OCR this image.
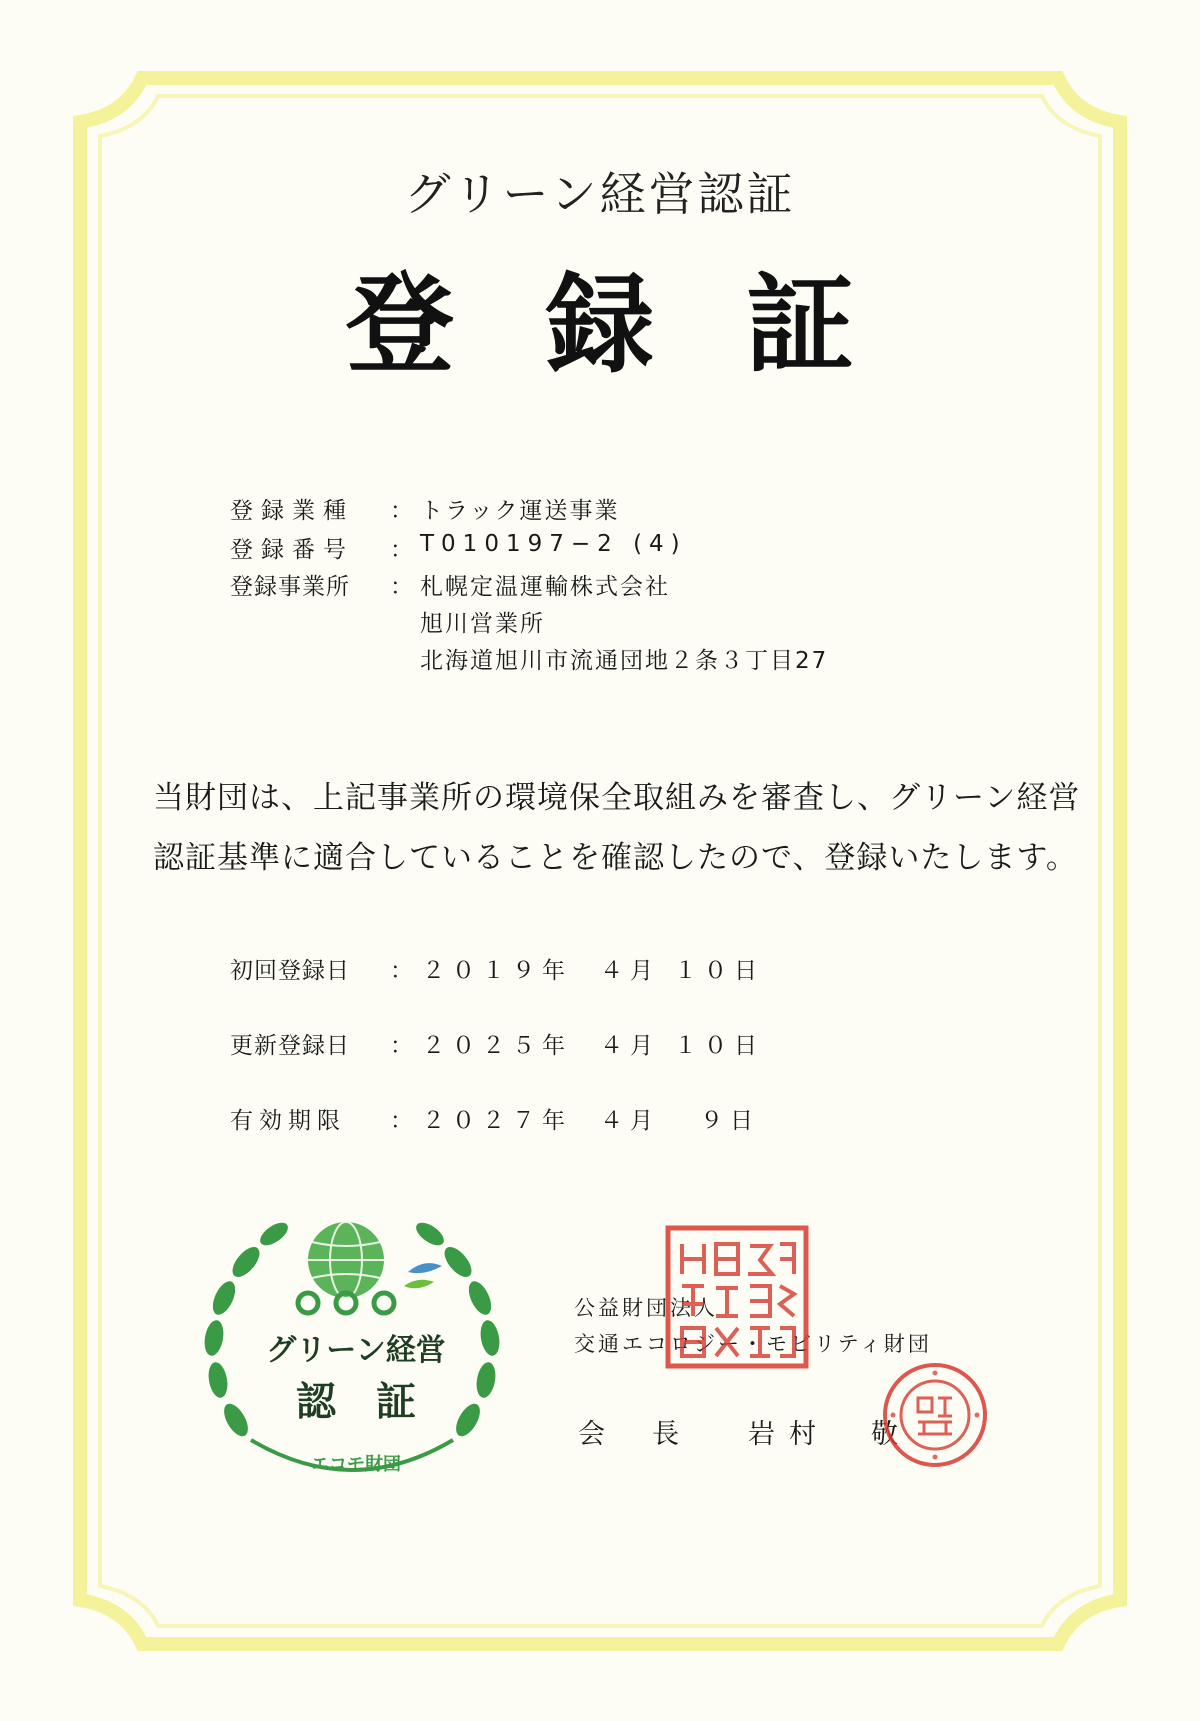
グリーン経営認証
登録証
登録業種 ： トラック運送事業
登録番号 ： T010197−2 (4)
登録事業所 ： 札幌定温運輸株式会社
旭川営業所
北海道旭川市流通団地２条３丁目27
当財団は、上記事業所の環境保全取組みを審査し、グリーン経営
認証基準に適合していることを確認したので、登録いたします。
初回登録日 ： ２０１９年 ４月 １０日
更新登録日 ： ２０２５年 ４月 １０日
有効期限 ： ２０２７年 ４月 ９日
グリーン経営
認　証
エコモ財団
公益財団法人
交通エコロジー・モビリティ財団
会　長 岩村　敬
